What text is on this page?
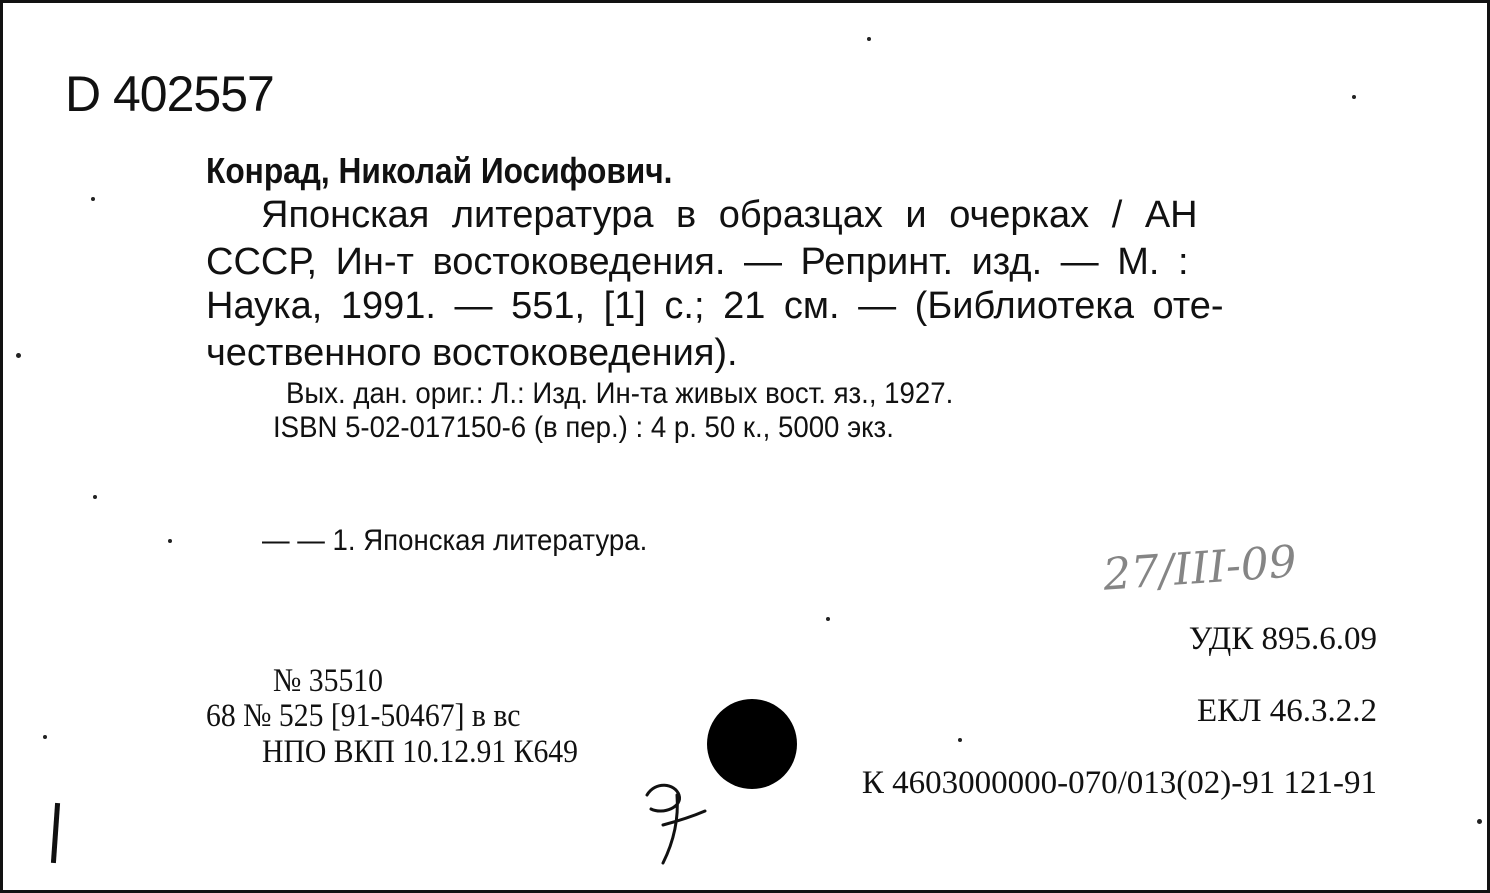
D 402557
Конрад, Николай Иосифович.
Японская литература в образцах и очерках / АН
СССР, Ин-т востоковедения. — Репринт. изд. — М. :
Наука, 1991. — 551, [1] с.; 21 см. — (Библиотека оте-
чественного востоковедения).
Вых. дан. ориг.: Л.: Изд. Ин-та живых вост. яз., 1927.
ISBN 5-02-017150-6 (в пер.) : 4 р. 50 к., 5000 экз.
— — 1. Японская литература.	27/III-09
УДК 895.6.09
ЕКЛ 46.3.2.2
К 4603000000-070/013(02)-91 121-91
№ 35510
68 № 525 [91-50467] в вс
НПО ВКП 10.12.91 К649
